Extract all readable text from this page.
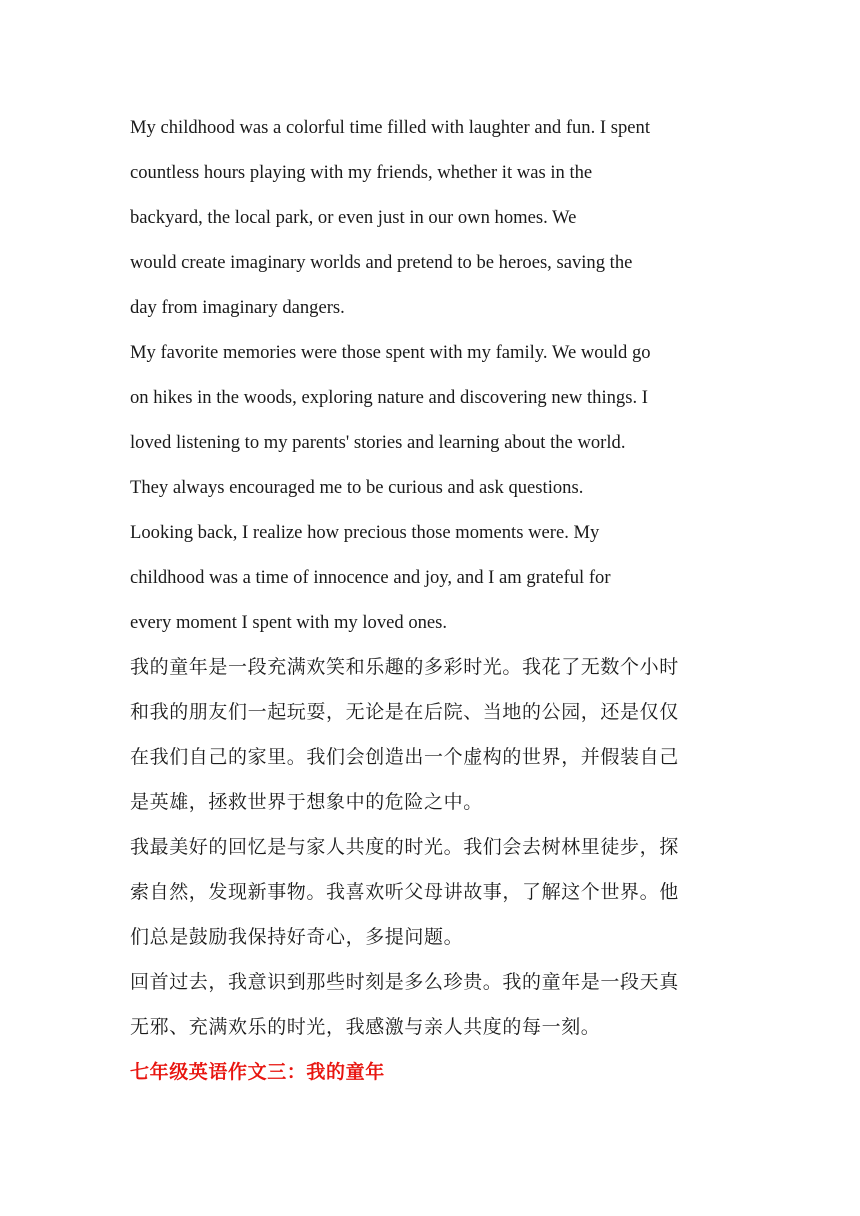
My childhood was a colorful time filled with laughter and fun. I spent
countless hours playing with my friends, whether it was in the
backyard, the local park, or even just in our own homes. We
would create imaginary worlds and pretend to be heroes, saving the
day from imaginary dangers.
My favorite memories were those spent with my family. We would go
on hikes in the woods, exploring nature and discovering new things. I
loved listening to my parents' stories and learning about the world.
They always encouraged me to be curious and ask questions.
Looking back, I realize how precious those moments were. My
childhood was a time of innocence and joy, and I am grateful for
every moment I spent with my loved ones.
我的童年是一段充满欢笑和乐趣的多彩时光。我花了无数个小时
和我的朋友们一起玩耍，无论是在后院、当地的公园，还是仅仅
在我们自己的家里。我们会创造出一个虚构的世界，并假装自己
是英雄，拯救世界于想象中的危险之中。
我最美好的回忆是与家人共度的时光。我们会去树林里徒步，探
索自然，发现新事物。我喜欢听父母讲故事，了解这个世界。他
们总是鼓励我保持好奇心，多提问题。
回首过去，我意识到那些时刻是多么珍贵。我的童年是一段天真
无邪、充满欢乐的时光，我感激与亲人共度的每一刻。
七年级英语作文三：我的童年
